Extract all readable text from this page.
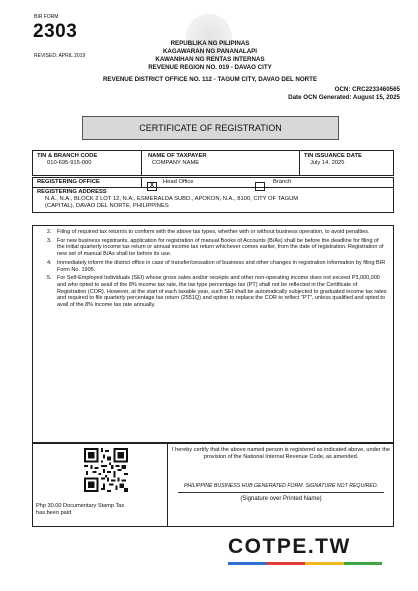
BIR FORM
2303
REVISED: APRIL 2019
REPUBLIKA NG PILIPINAS
KAGAWARAN NG PANANALAPI
KAWANIHAN NG RENTAS INTERNAS
REVENUE REGION NO. 019 - DAVAO CITY
REVENUE DISTRICT OFFICE NO. 112 - TAGUM CITY, DAVAO DEL NORTE
OCN: CRC2233460565
Date OCN Generated: August 15, 2025
CERTIFICATE OF REGISTRATION
TIN & BRANCH CODE
010-695-915-000
NAME OF TAXPAYER
COMPANY NAME
TIN ISSUANCE DATE
July 14, 2025
REGISTERING OFFICE
X
Head Office	Branch
REGISTERING ADDRESS
N.A., N.A., BLOCK 2 LOT 12, N.A., ESMERALDA SUBD., APOKON, N.A., 8100, CITY OF TAGUM
(CAPITAL), DAVAO DEL NORTE, PHILIPPINES
2. Filing of required tax return/s to conform with the above tax types, whether with or without business operation, to avoid penalties.
3. For new business registrants, application for registration of manual Books of Accounts (B/As) shall be before the deadline for filing of the initial quarterly income tax return or annual income tax return whichever comes earlier, from the date of registration. Registration of new set of manual B/As shall be before its use.
4. Immediately inform the district office in case of transfer/cessation of business and other changes in registration information by filing BIR Form No. 1905.
5. For Self-Employed Individuals (SEI) whose gross sales and/or receipts and other non-operating income does not exceed P3,000,000 and who opted to avail of the 8% income tax rate, the tax type percentage tax (PT) shall not be reflected in the Certificate of Registration (COR). However, at the start of each taxable year, such SEI shall be automatically subjected to graduated income tax rates and required to file quarterly percentage tax return (2551Q) and option to replace the COR to reflect "PT", unless qualified and opted to avail of the 8% income tax rate annually.
Php 30.00 Documentary Stamp Tax
has been paid
I hereby certify that the above named person is registered as indicated above, under the provision of the National Internal Revenue Code, as amended.
PHILIPPINE BUSINESS HUB GENERATED FORM. SIGNATURE NOT REQUIRED.
(Signature over Printed Name)
COTPE.TW
